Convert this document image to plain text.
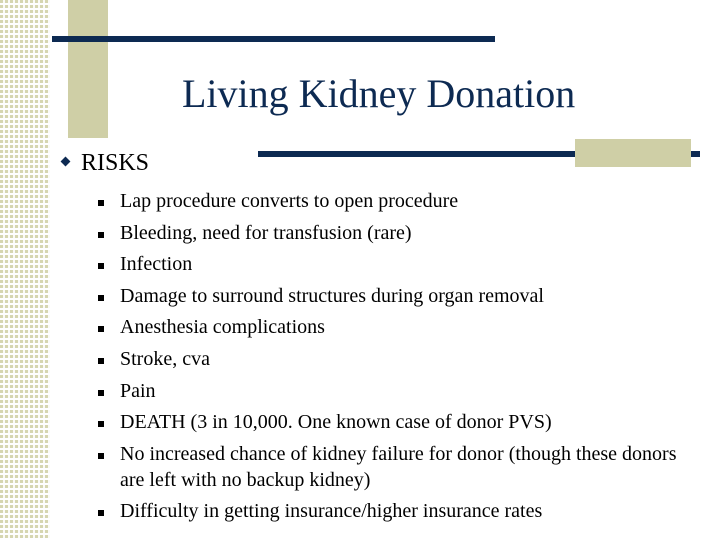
Living Kidney Donation
RISKS
Lap procedure converts to open procedure
Bleeding, need for transfusion (rare)
Infection
Damage to surround structures during organ removal
Anesthesia complications
Stroke, cva
Pain
DEATH (3 in 10,000. One known case of donor PVS)
No increased chance of kidney failure for donor (though these donors are left with no backup kidney)
Difficulty in getting insurance/higher insurance rates
